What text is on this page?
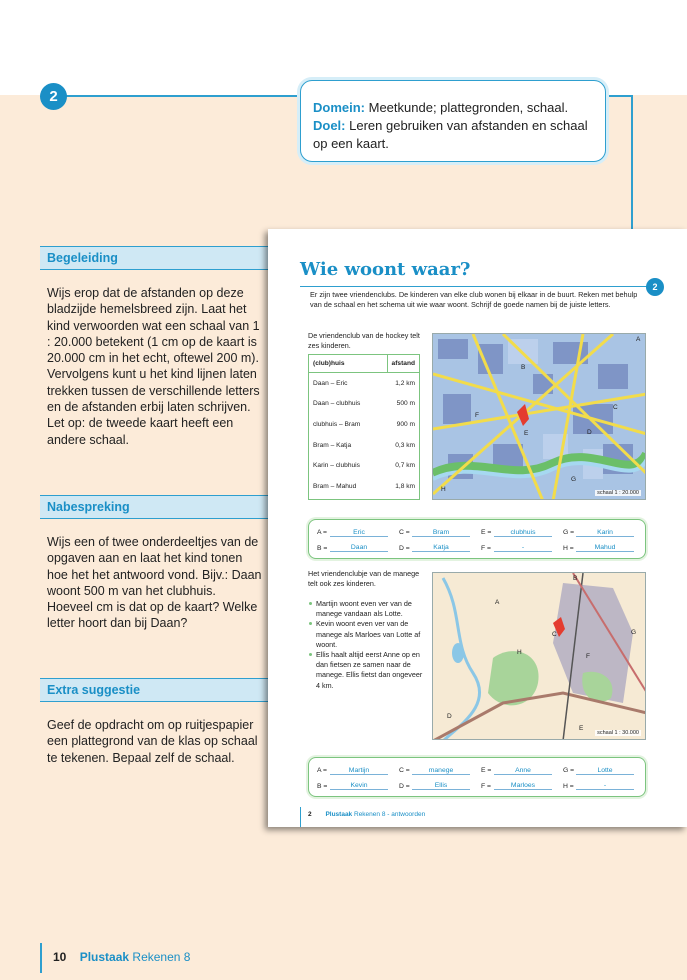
2
Domein: Meetkunde; plattegronden, schaal.
Doel: Leren gebruiken van afstanden en schaal op een kaart.
Begeleiding
Wijs erop dat de afstanden op deze bladzijde hemelsbreed zijn. Laat het kind verwoorden wat een schaal van 1 : 20.000 betekent (1 cm op de kaart is 20.000 cm in het echt, oftewel 200 m). Vervolgens kunt u het kind lijnen laten trekken tussen de verschillende letters en de afstanden erbij laten schrijven. Let op: de tweede kaart heeft een andere schaal.
Nabespreking
Wijs een of twee onderdeeltjes van de opgaven aan en laat het kind tonen hoe het het antwoord vond. Bijv.: Daan woont 500 m van het clubhuis. Hoeveel cm is dat op de kaart? Welke letter hoort dan bij Daan?
Extra suggestie
Geef de opdracht om op ruitjespapier een plattegrond van de klas op schaal te tekenen. Bepaal zelf de schaal.
10 Plustaak Rekenen 8
Wie woont waar?
2
Er zijn twee vriendenclubs. De kinderen van elke club wonen bij elkaar in de buurt. Reken met behulp van de schaal en het schema uit wie waar woont. Schrijf de goede namen bij de juiste letters.
De vriendenclub van de hockey telt zes kinderen.
(club)huis	afstand
Daan – Eric	1,2 km
Daan – clubhuis	500 m
clubhuis – Bram	900 m
Bram – Katja	0,3 km
Karin – clubhuis	0,7 km
Bram – Mahud	1,8 km
A
B
C
D
E
F
G
H	schaal 1 : 20.000
A =	Eric	C =	Bram	E =	clubhuis	G =	Karin
B =	Daan	D =	Katja	F =	-	H =	Mahud
Het vriendenclubje van de manege telt ook zes kinderen.
Martijn woont even ver van de manege vandaan als Lotte.
Kevin woont even ver van de manege als Marloes van Lotte af woont.
Ellis haalt altijd eerst Anne op en dan fietsen ze samen naar de manege. Ellis fietst dan ongeveer 4 km.
A
B
C
D
E
F
G
H
schaal 1 : 30.000
A =	Martijn	C =	manege	E =	Anne	G =	Lotte
B =	Kevin	D =	Ellis	F =	Marloes	H =	-
2 Plustaak Rekenen 8 - antwoorden
